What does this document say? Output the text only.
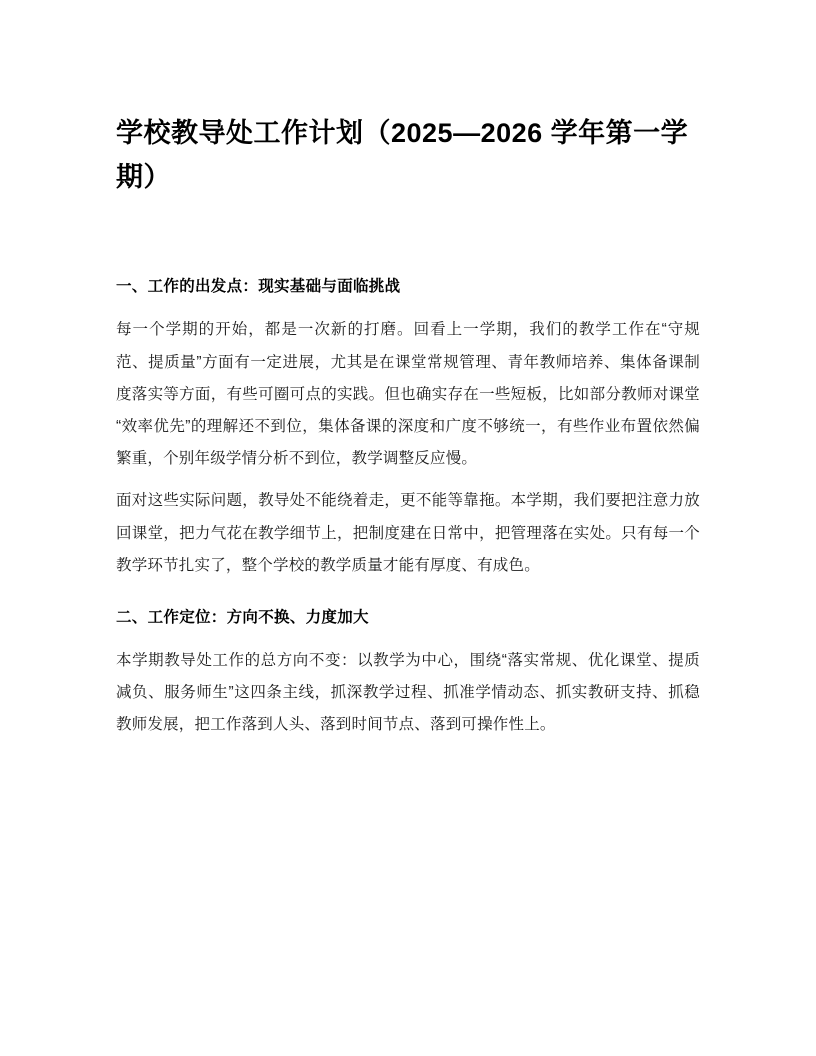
学校教导处工作计划（2025—2026 学年第一学期）
一、工作的出发点：现实基础与面临挑战

每一个学期的开始，都是一次新的打磨。回看上一学期，我们的教学工作在“守规范、提质量”方面有一定进展，尤其是在课堂常规管理、青年教师培养、集体备课制度落实等方面，有些可圈可点的实践。但也确实存在一些短板，比如部分教师对课堂“效率优先”的理解还不到位，集体备课的深度和广度不够统一，有些作业布置依然偏繁重，个别年级学情分析不到位，教学调整反应慢。

面对这些实际问题，教导处不能绕着走，更不能等靠拖。本学期，我们要把注意力放回课堂，把力气花在教学细节上，把制度建在日常中，把管理落在实处。只有每一个教学环节扎实了，整个学校的教学质量才能有厚度、有成色。

二、工作定位：方向不换、力度加大

本学期教导处工作的总方向不变：以教学为中心，围绕“落实常规、优化课堂、提质减负、服务师生”这四条主线，抓深教学过程、抓准学情动态、抓实教研支持、抓稳教师发展，把工作落到人头、落到时间节点、落到可操作性上。
